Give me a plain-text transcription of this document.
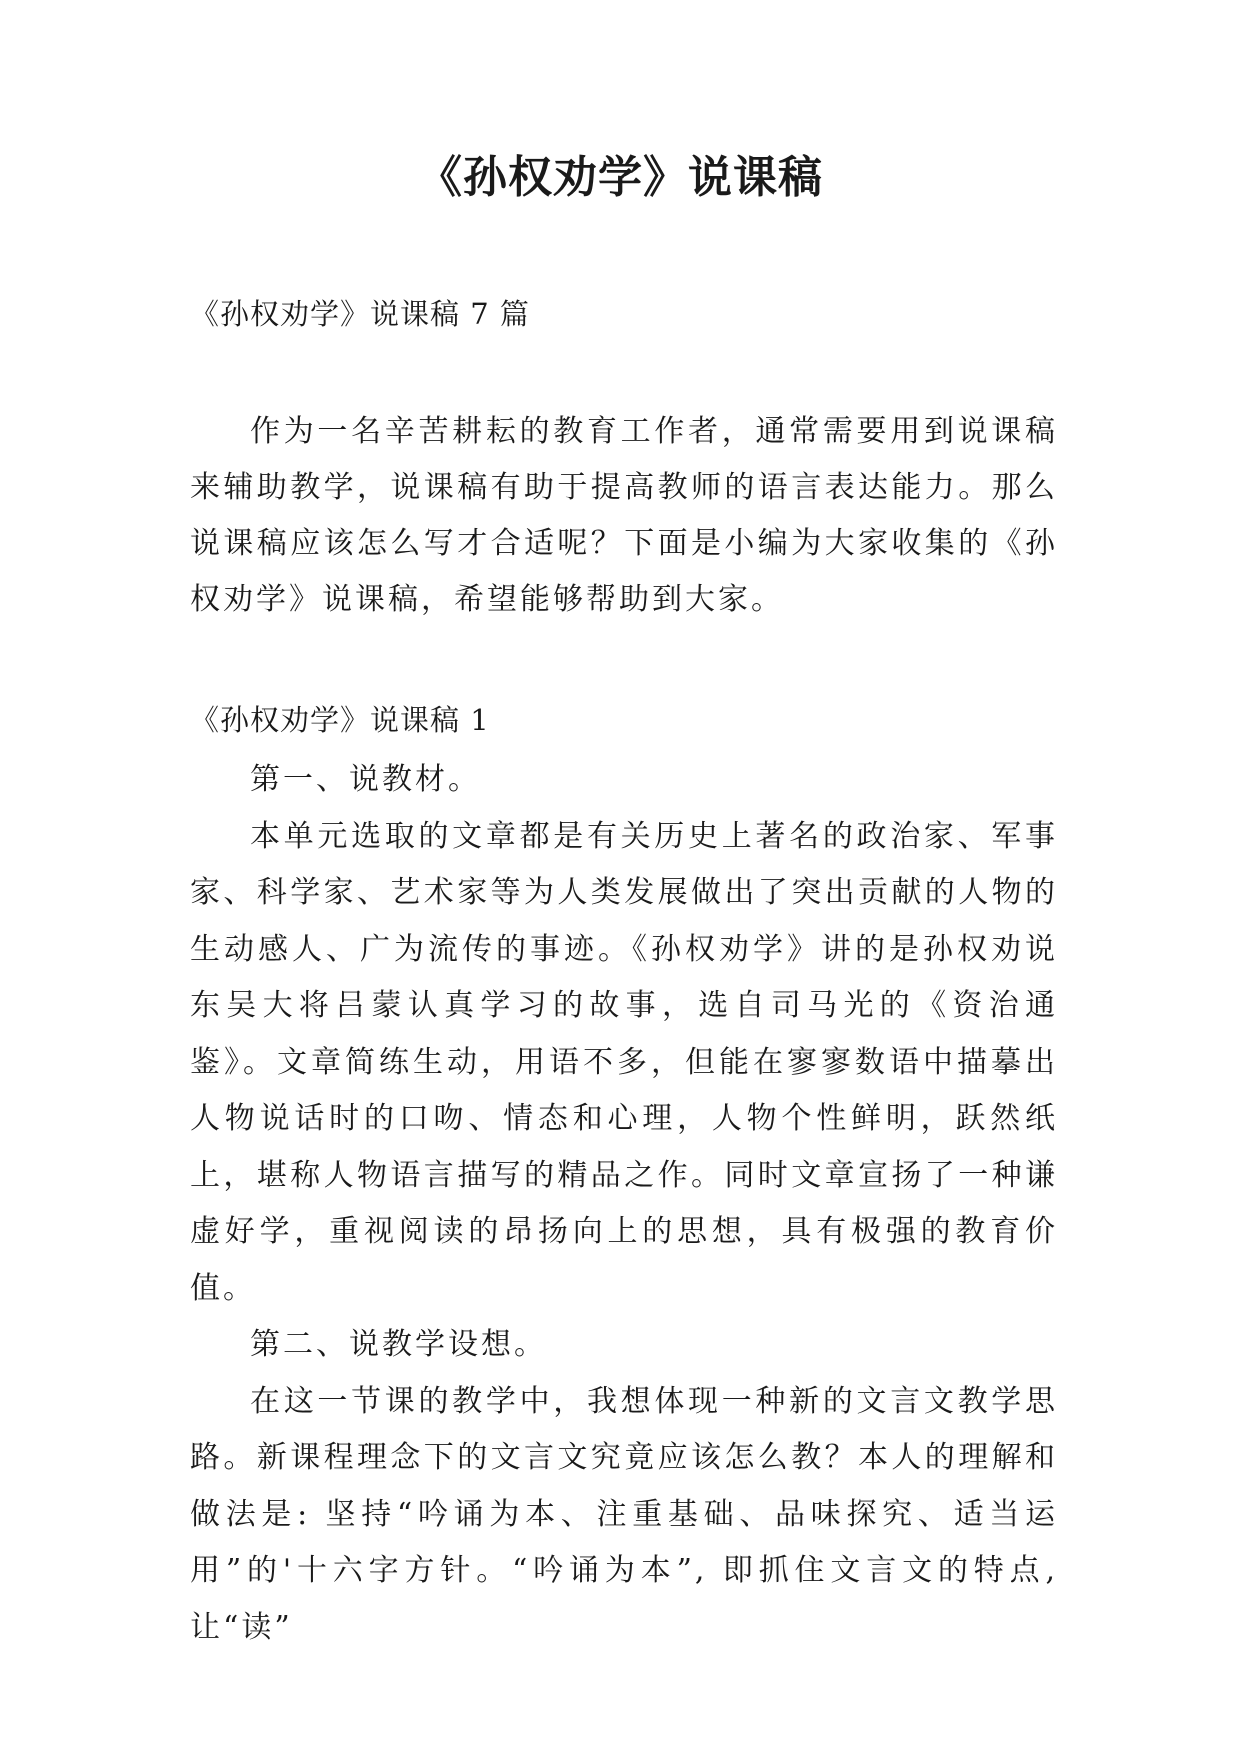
《孙权劝学》说课稿

《孙权劝学》说课稿 7 篇

作为一名辛苦耕耘的教育工作者，通常需要用到说课稿来辅助教学，说课稿有助于提高教师的语言表达能力。那么说课稿应该怎么写才合适呢？下面是小编为大家收集的《孙权劝学》说课稿，希望能够帮助到大家。

《孙权劝学》说课稿 1

第一、说教材。

本单元选取的文章都是有关历史上著名的政治家、军事家、科学家、艺术家等为人类发展做出了突出贡献的人物的生动感人、广为流传的事迹。《孙权劝学》讲的是孙权劝说东吴大将吕蒙认真学习的故事，选自司马光的《资治通鉴》。文章简练生动，用语不多，但能在寥寥数语中描摹出人物说话时的口吻、情态和心理，人物个性鲜明，跃然纸上，堪称人物语言描写的精品之作。同时文章宣扬了一种谦虚好学，重视阅读的昂扬向上的思想，具有极强的教育价值。

第二、说教学设想。

在这一节课的教学中，我想体现一种新的文言文教学思路。新课程理念下的文言文究竟应该怎么教？本人的理解和做法是: 坚持“吟诵为本、注重基础、品味探究、适当运用”的'十六字方针。“吟诵为本”, 即抓住文言文的特点, 让“读”
